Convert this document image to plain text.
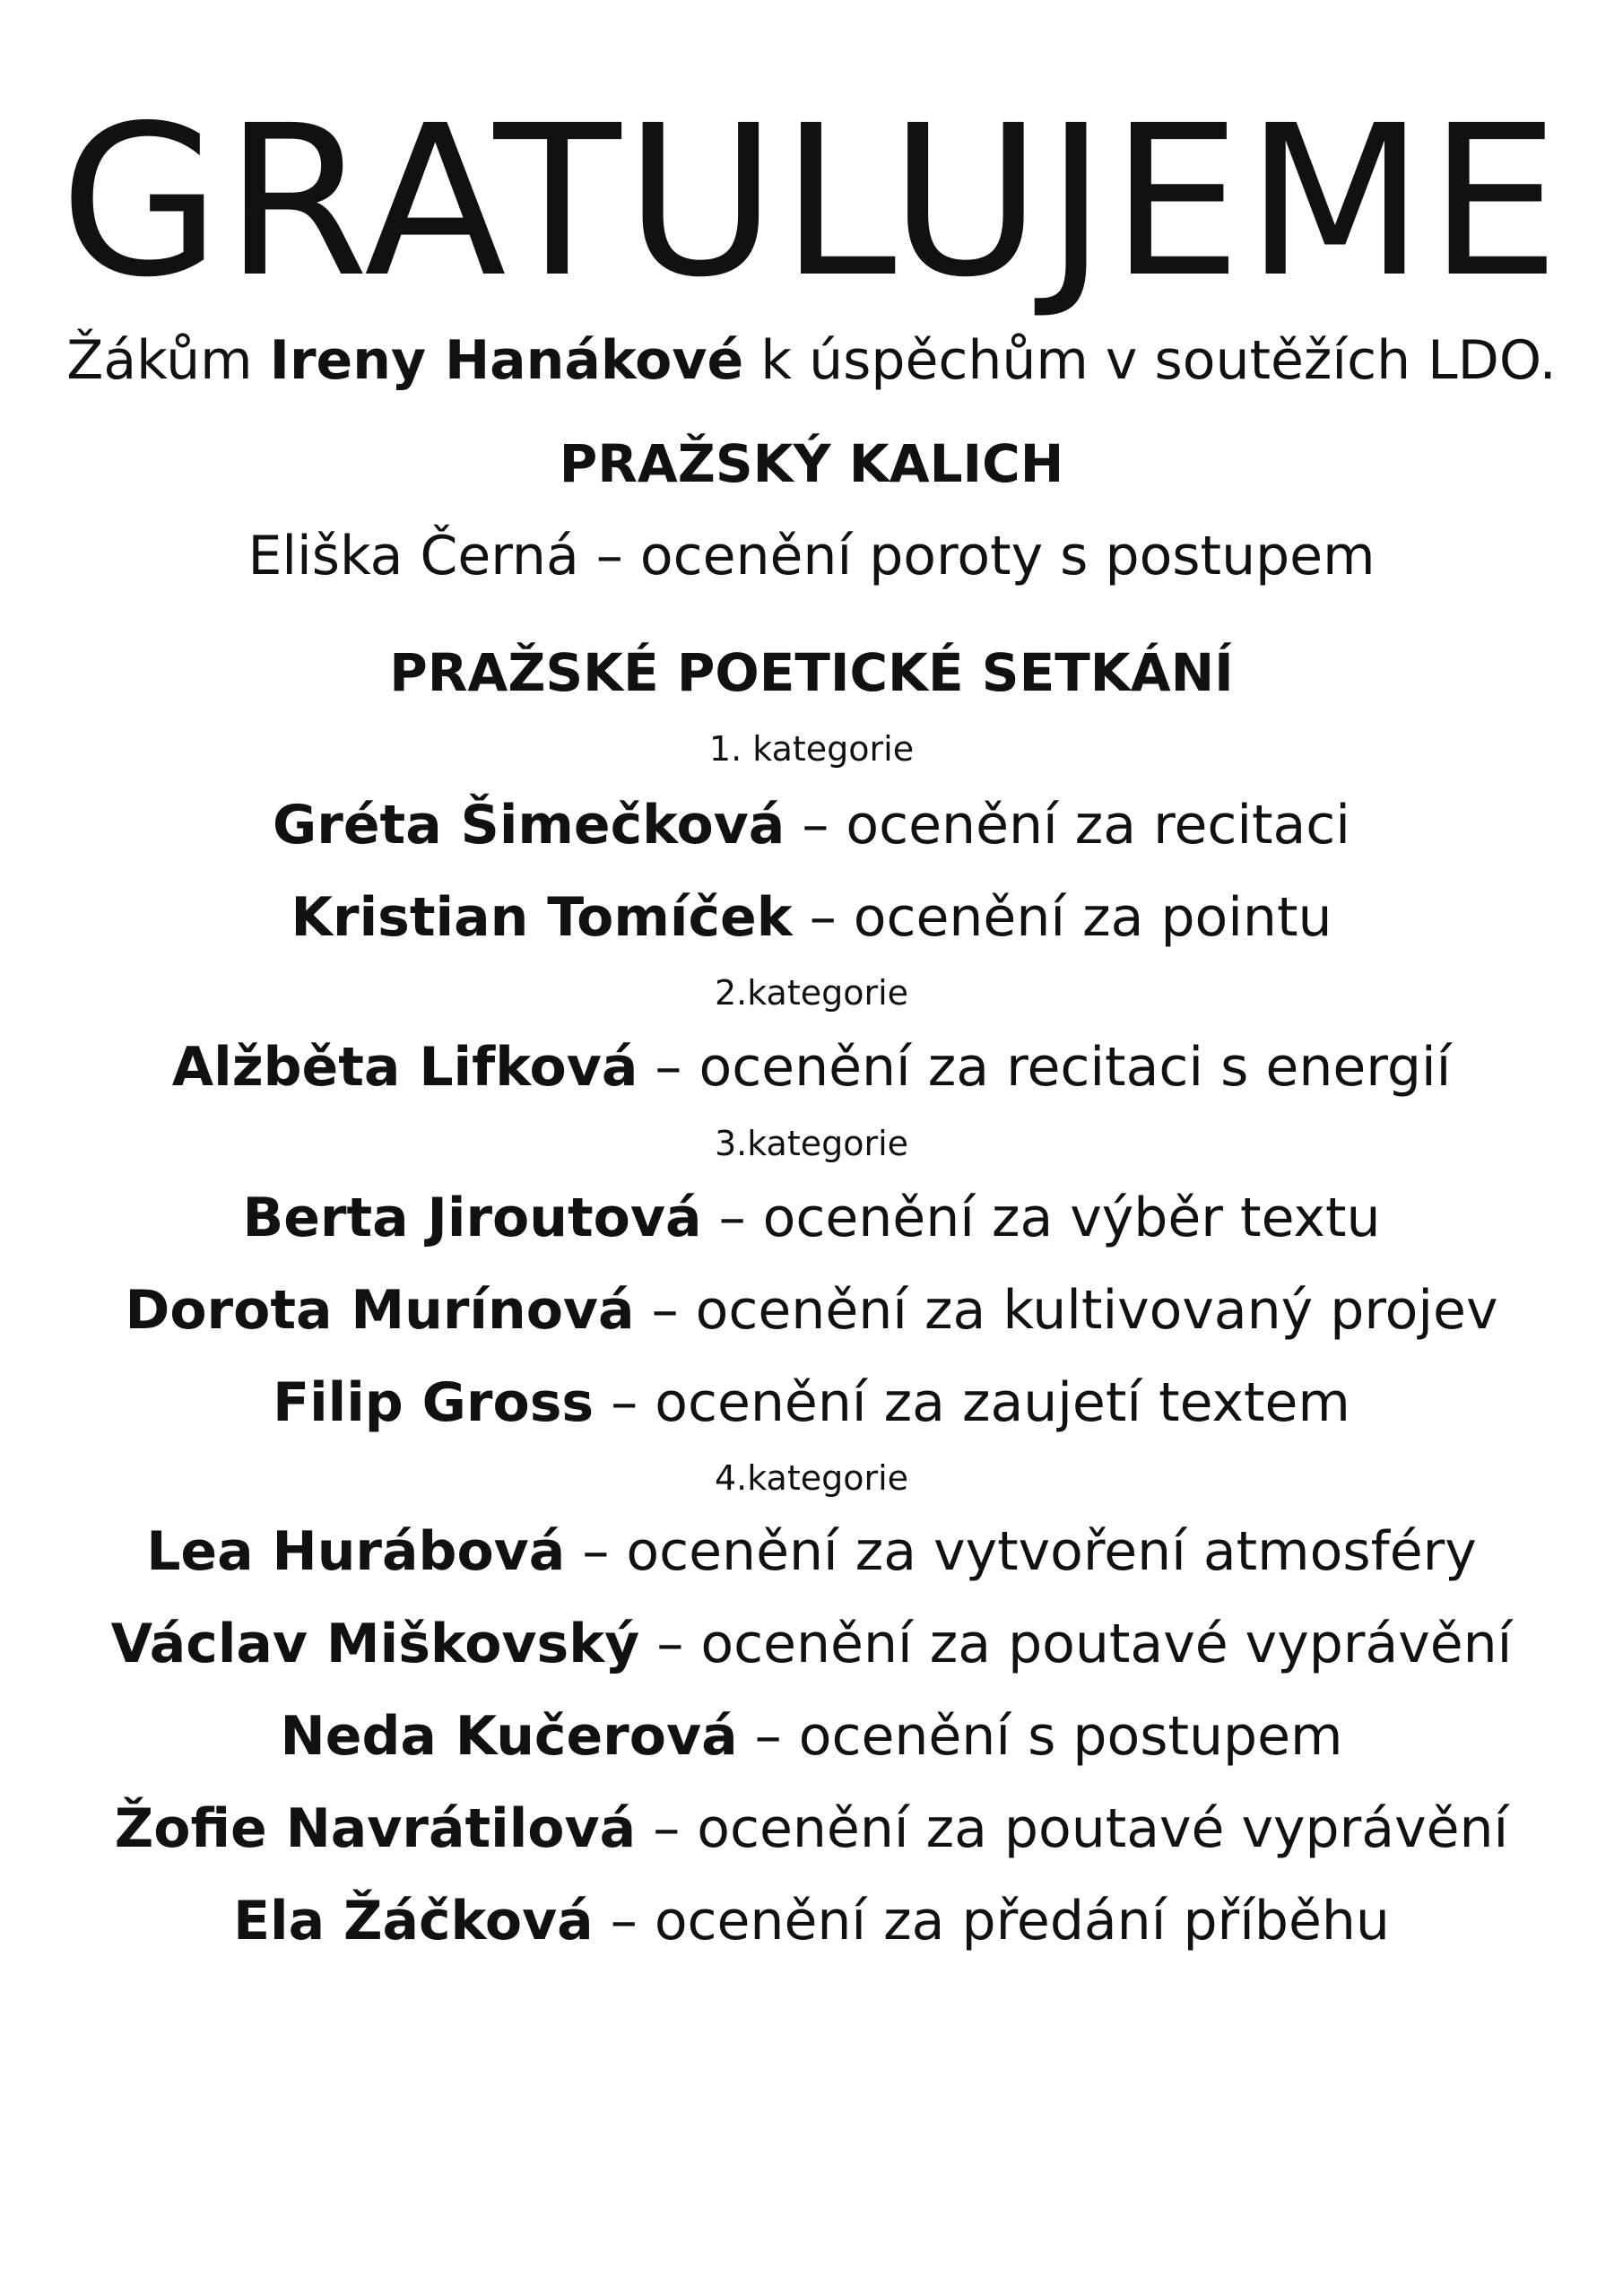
GRATULUJEME
Žákům Ireny Hanákové k úspěchům v soutěžích LDO.
PRAŽSKÝ KALICH
Eliška Černá – ocenění poroty s postupem
PRAŽSKÉ POETICKÉ SETKÁNÍ
1. kategorie
Gréta Šimečková – ocenění za recitaci
Kristian Tomíček – ocenění za pointu
2.kategorie
Alžběta Lifková – ocenění za recitaci s energií
3.kategorie
Berta Jiroutová – ocenění za výběr textu
Dorota Murínová – ocenění za kultivovaný projev
Filip Gross – ocenění za zaujetí textem
4.kategorie
Lea Hurábová – ocenění za vytvoření atmosféry
Václav Miškovský – ocenění za poutavé vyprávění
Neda Kučerová – ocenění s postupem
Žofie Navrátilová – ocenění za poutavé vyprávění
Ela Žáčková – ocenění za předání příběhu
